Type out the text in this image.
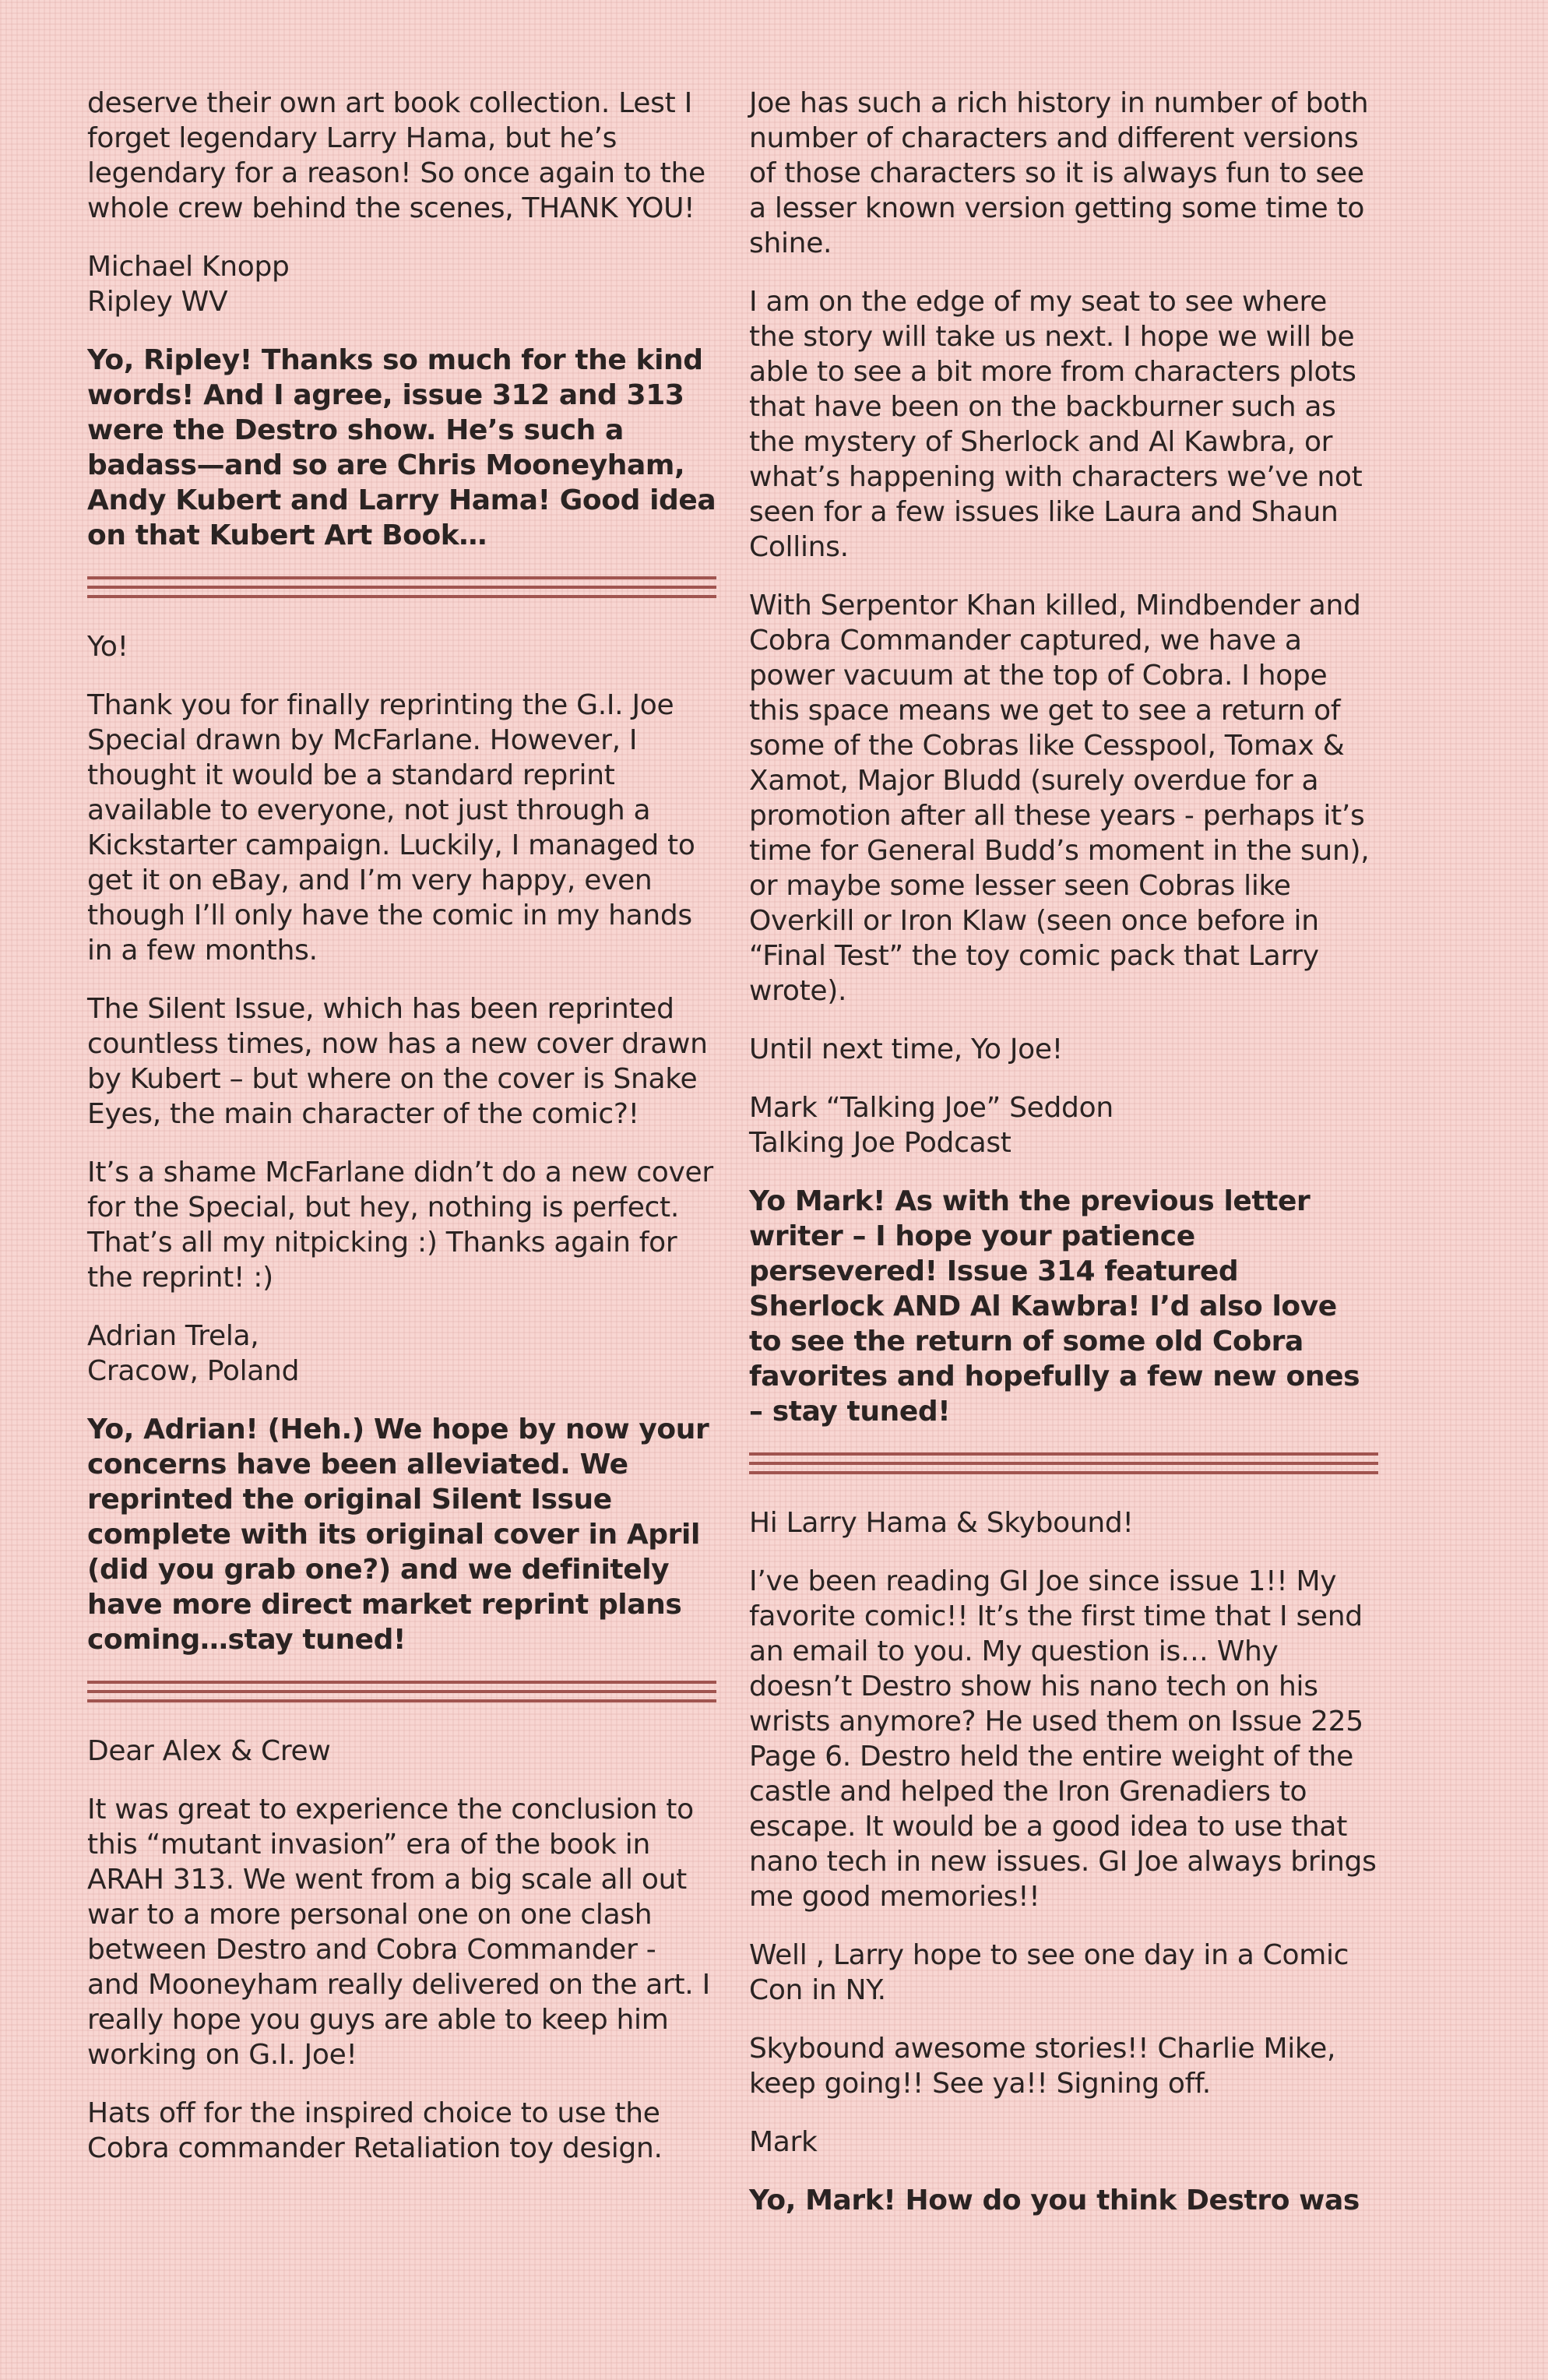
deserve their own art book collection. Lest I forget legendary Larry Hama, but he’s legendary for a reason! So once again to the whole crew behind the scenes, THANK YOU!

Michael Knopp
Ripley WV

Yo, Ripley! Thanks so much for the kind words! And I agree, issue 312 and 313 were the Destro show. He’s such a badass—and so are Chris Mooneyham, Andy Kubert and Larry Hama! Good idea on that Kubert Art Book…

Yo!

Thank you for finally reprinting the G.I. Joe Special drawn by McFarlane. However, I thought it would be a standard reprint available to everyone, not just through a Kickstarter campaign. Luckily, I managed to get it on eBay, and I’m very happy, even though I’ll only have the comic in my hands in a few months.

The Silent Issue, which has been reprinted countless times, now has a new cover drawn by Kubert – but where on the cover is Snake Eyes, the main character of the comic?!

It’s a shame McFarlane didn’t do a new cover for the Special, but hey, nothing is perfect. That’s all my nitpicking :) Thanks again for the reprint! :)

Adrian Trela,
Cracow, Poland

Yo, Adrian! (Heh.) We hope by now your concerns have been alleviated. We reprinted the original Silent Issue complete with its original cover in April (did you grab one?) and we definitely have more direct market reprint plans coming…stay tuned!

Dear Alex & Crew

It was great to experience the conclusion to this “mutant invasion” era of the book in ARAH 313. We went from a big scale all out war to a more personal one on one clash between Destro and Cobra Commander - and Mooneyham really delivered on the art. I really hope you guys are able to keep him working on G.I. Joe!

Hats off for the inspired choice to use the Cobra commander Retaliation toy design.

Joe has such a rich history in number of both number of characters and different versions of those characters so it is always fun to see a lesser known version getting some time to shine.

I am on the edge of my seat to see where the story will take us next. I hope we will be able to see a bit more from characters plots that have been on the backburner such as the mystery of Sherlock and Al Kawbra, or what’s happening with characters we’ve not seen for a few issues like Laura and Shaun Collins.

With Serpentor Khan killed, Mindbender and Cobra Commander captured, we have a power vacuum at the top of Cobra. I hope this space means we get to see a return of some of the Cobras like Cesspool, Tomax & Xamot, Major Bludd (surely overdue for a promotion after all these years - perhaps it’s time for General Budd’s moment in the sun), or maybe some lesser seen Cobras like Overkill or Iron Klaw (seen once before in “Final Test” the toy comic pack that Larry wrote).

Until next time, Yo Joe!

Mark “Talking Joe” Seddon
Talking Joe Podcast

Yo Mark! As with the previous letter writer – I hope your patience persevered! Issue 314 featured Sherlock AND Al Kawbra! I’d also love to see the return of some old Cobra favorites and hopefully a few new ones – stay tuned!

Hi Larry Hama & Skybound!

I’ve been reading GI Joe since issue 1!! My favorite comic!! It’s the first time that I send an email to you. My question is… Why doesn’t Destro show his nano tech on his wrists anymore? He used them on Issue 225 Page 6. Destro held the entire weight of the castle and helped the Iron Grenadiers to escape. It would be a good idea to use that nano tech in new issues. GI Joe always brings me good memories!!

Well , Larry hope to see one day in a Comic Con in NY.

Skybound awesome stories!! Charlie Mike, keep going!! See ya!! Signing off.

Mark

Yo, Mark! How do you think Destro was
